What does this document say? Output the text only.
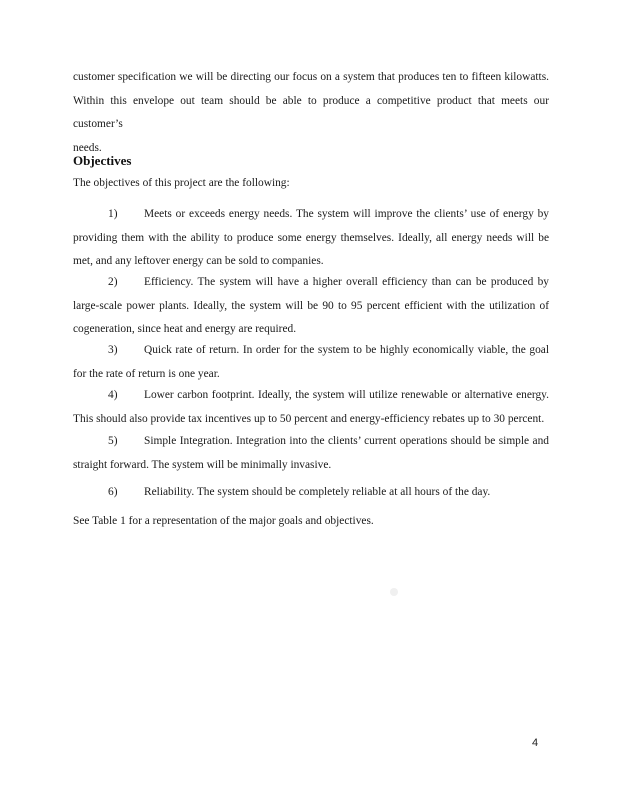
customer specification we will be directing our focus on a system that produces ten to fifteen kilowatts.

Within this envelope out team should be able to produce a competitive product that meets our customer’s

needs.

Objectives

The objectives of this project are the following:

1) Meets or exceeds energy needs. The system will improve the clients’ use of energy by providing them with the ability to produce some energy themselves. Ideally, all energy needs will be met, and any leftover energy can be sold to companies.

2) Efficiency. The system will have a higher overall efficiency than can be produced by large-scale power plants. Ideally, the system will be 90 to 95 percent efficient with the utilization of cogeneration, since heat and energy are required.

3) Quick rate of return. In order for the system to be highly economically viable, the goal for the rate of return is one year.

4) Lower carbon footprint. Ideally, the system will utilize renewable or alternative energy. This should also provide tax incentives up to 50 percent and energy-efficiency rebates up to 30 percent.

5) Simple Integration. Integration into the clients’ current operations should be simple and straight forward. The system will be minimally invasive.

6) Reliability. The system should be completely reliable at all hours of the day.

See Table 1 for a representation of the major goals and objectives.

4
